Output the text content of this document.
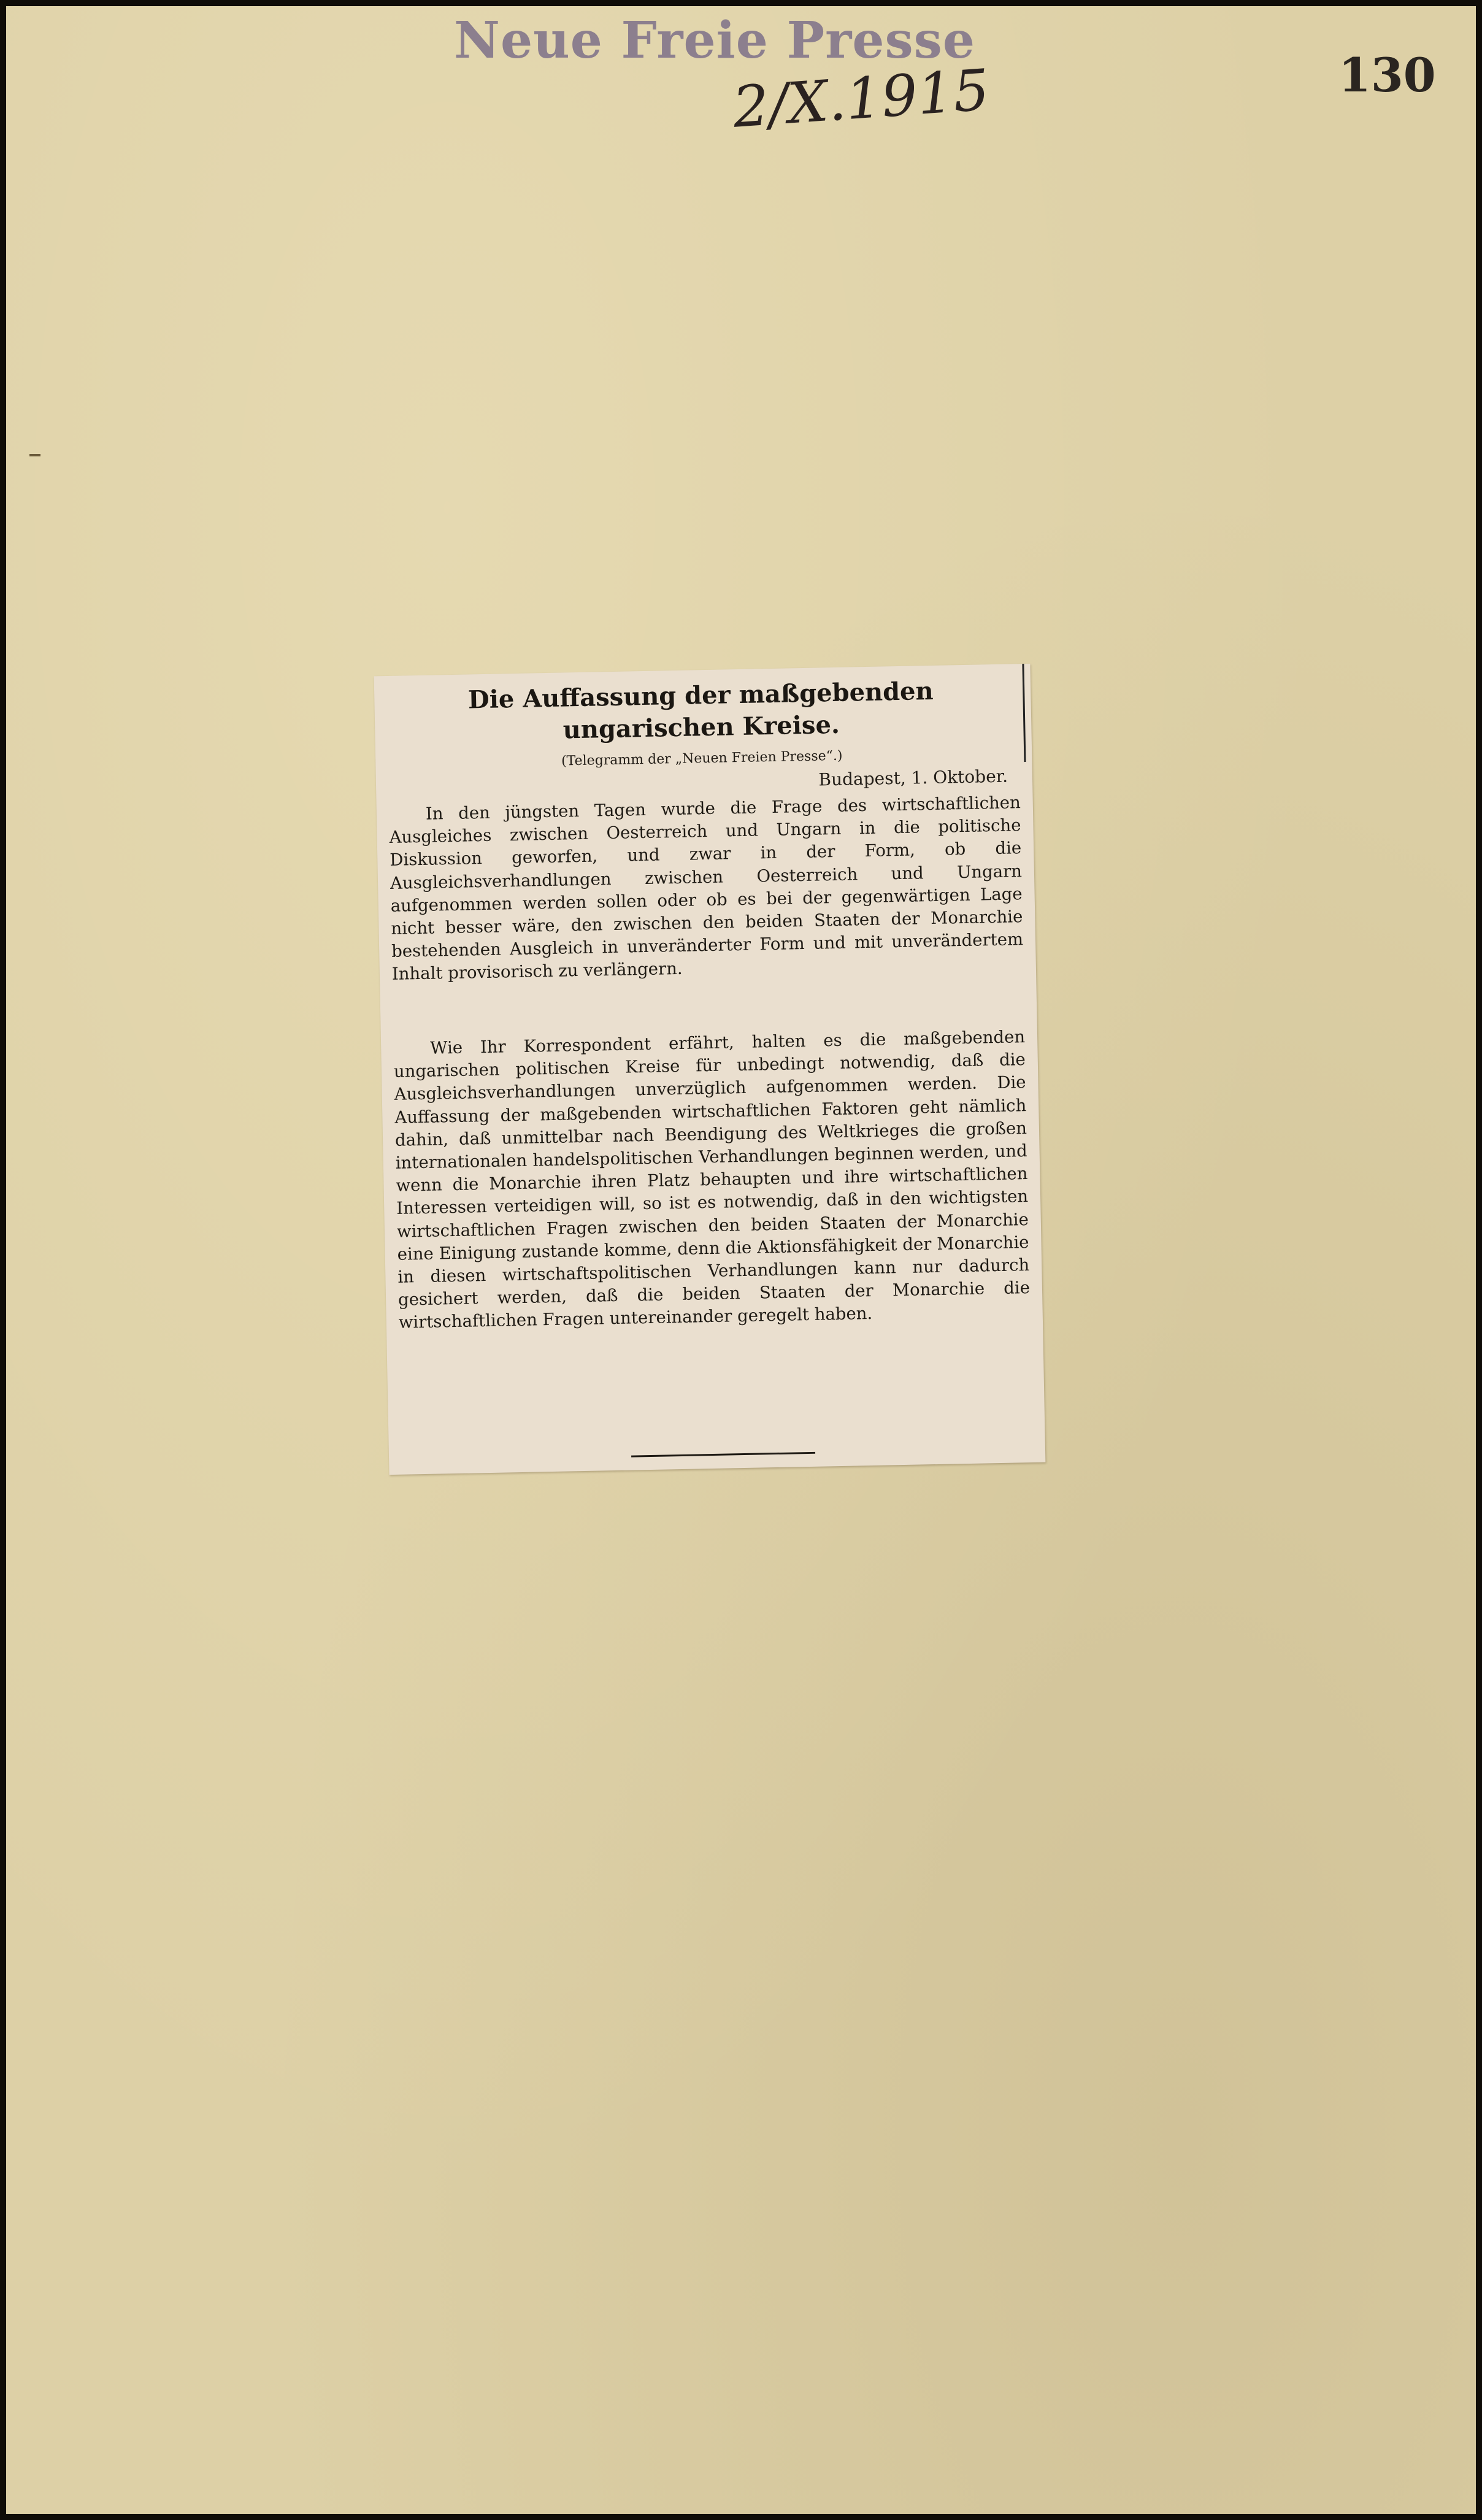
Neue Freie Presse
2/X.1915	130
Die Auffassung der maßgebenden ungarischen Kreise.
(Telegramm der „Neuen Freien Presse“.)
Budapest, 1. Oktober.

In den jüngsten Tagen wurde die Frage des wirtschaftlichen Ausgleiches zwischen Oesterreich und Ungarn in die politische Diskussion geworfen, und zwar in der Form, ob die Ausgleichsverhandlungen zwischen Oesterreich und Ungarn aufgenommen werden sollen oder ob es bei der gegenwärtigen Lage nicht besser wäre, den zwischen den beiden Staaten der Monarchie bestehenden Ausgleich in unveränderter Form und mit unverändertem Inhalt provisorisch zu verlängern.

Wie Ihr Korrespondent erfährt, halten es die maßgebenden ungarischen politischen Kreise für unbedingt notwendig, daß die Ausgleichsverhandlungen unverzüglich aufgenommen werden. Die Auffassung der maßgebenden wirtschaftlichen Faktoren geht nämlich dahin, daß unmittelbar nach Beendigung des Weltkrieges die großen internationalen handelspolitischen Verhandlungen beginnen werden, und wenn die Monarchie ihren Platz behaupten und ihre wirtschaftlichen Interessen verteidigen will, so ist es notwendig, daß in den wichtigsten wirtschaftlichen Fragen zwischen den beiden Staaten der Monarchie eine Einigung zustande komme, denn die Aktionsfähigkeit der Monarchie in diesen wirtschaftspolitischen Verhandlungen kann nur dadurch gesichert werden, daß die beiden Staaten der Monarchie die wirtschaftlichen Fragen untereinander geregelt haben.
